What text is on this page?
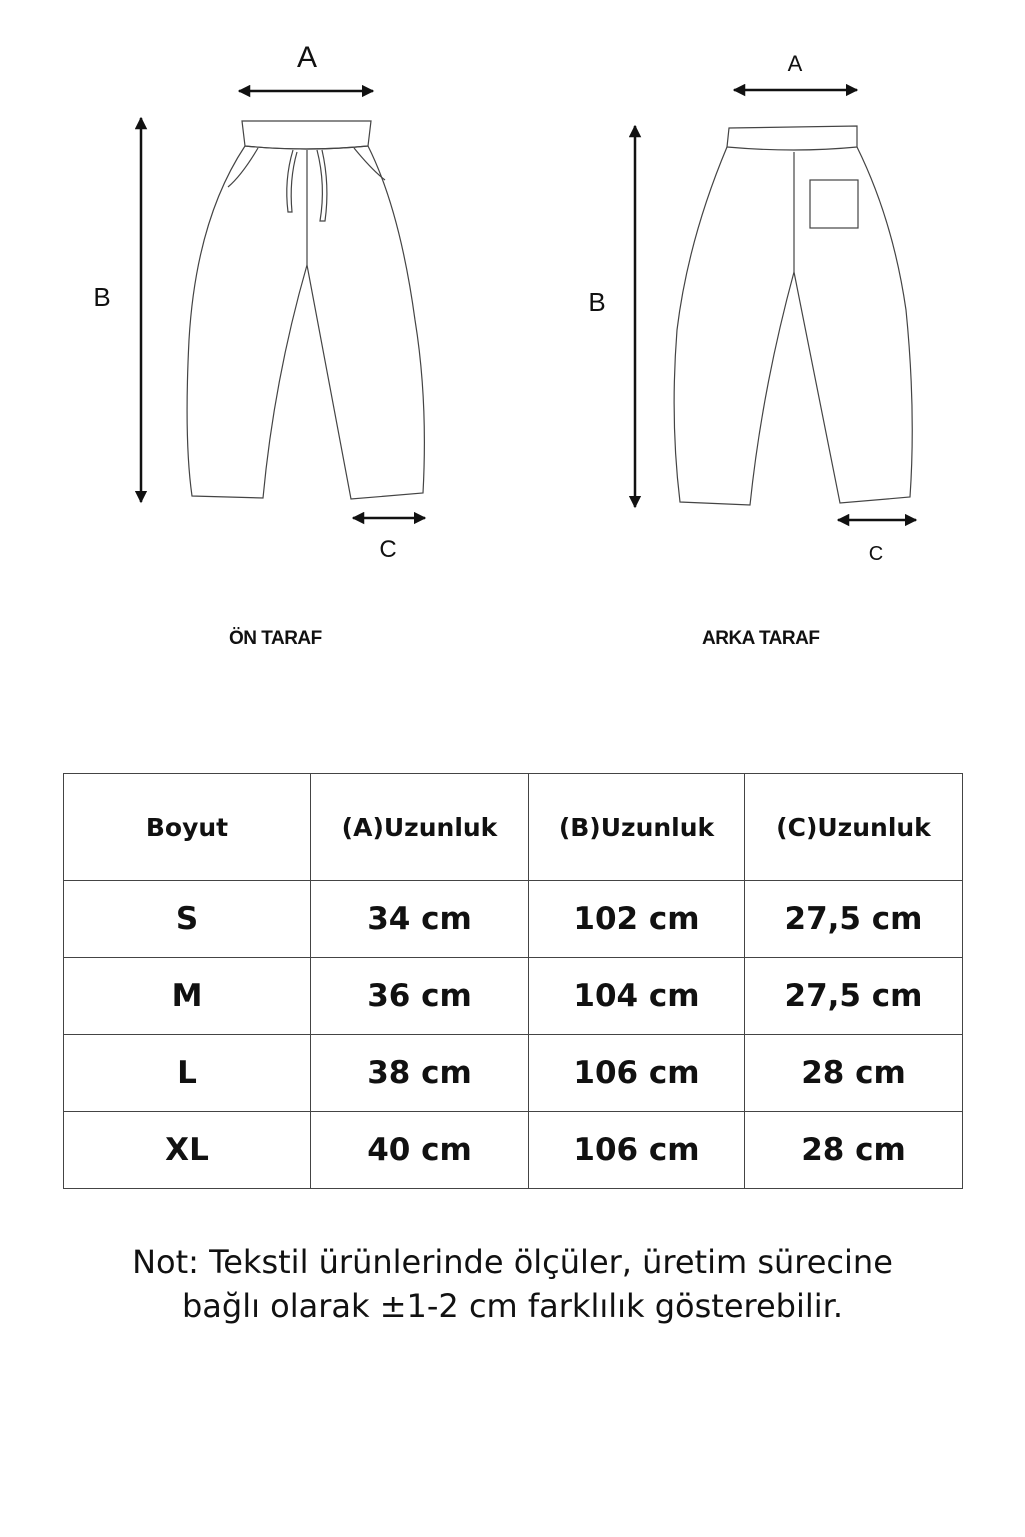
A
B
C
A
B
C
ÖN TARAF	ARKA TARAF
Boyut	(A)Uzunluk	(B)Uzunluk	(C)Uzunluk
S	34 cm	102 cm	27,5 cm
M	36 cm	104 cm	27,5 cm
L	38 cm	106 cm	28 cm
XL	40 cm	106 cm	28 cm
Not: Tekstil ürünlerinde ölçüler, üretim sürecine
bağlı olarak ±1-2 cm farklılık gösterebilir.
